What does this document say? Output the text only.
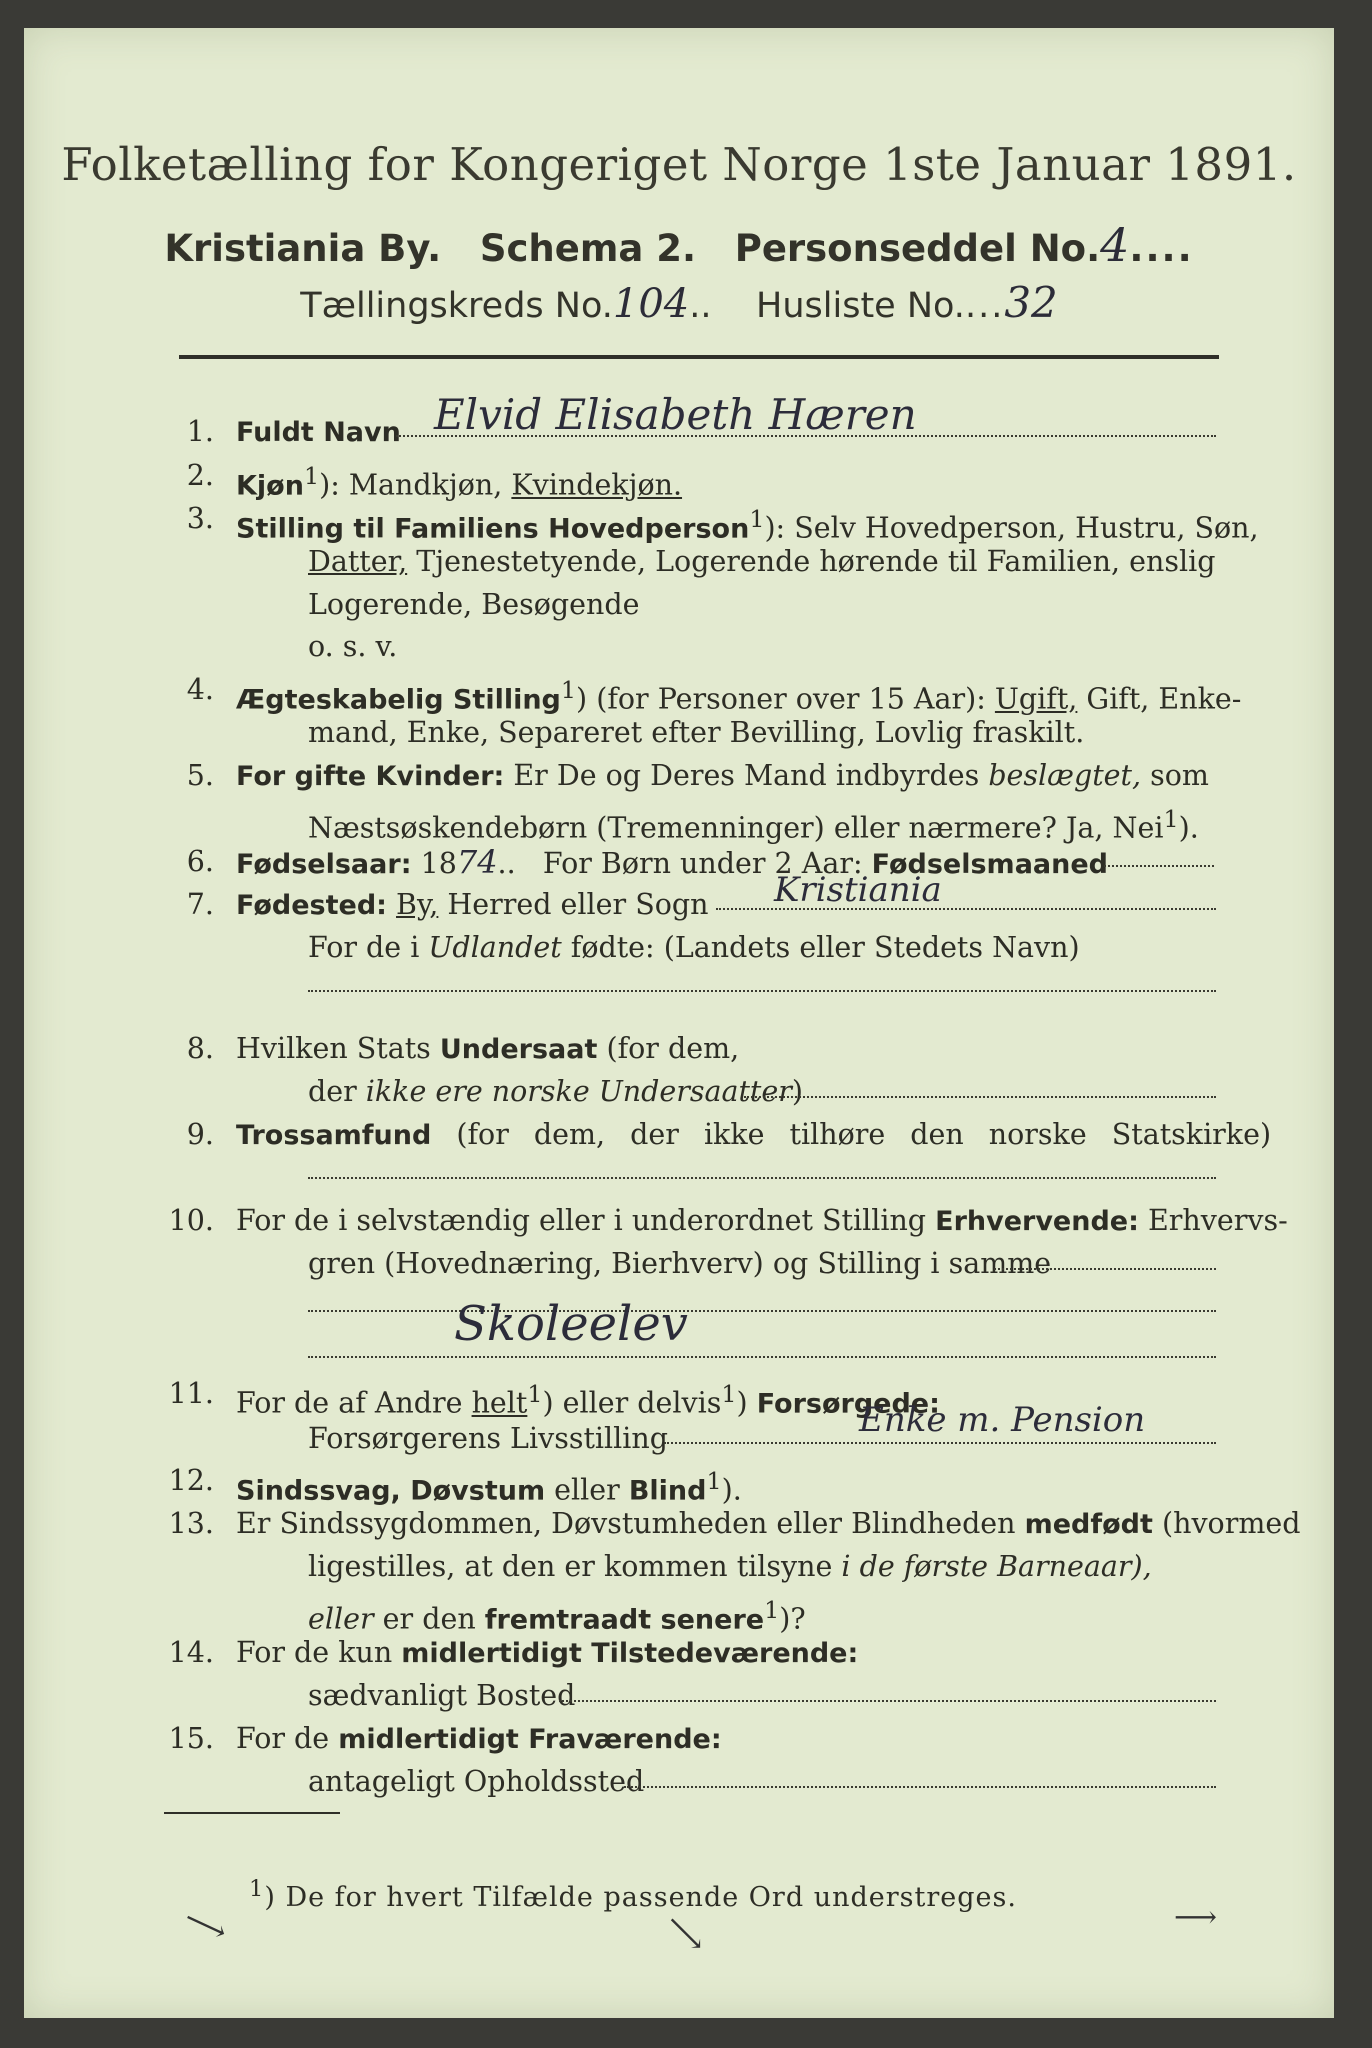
Folketælling for Kongeriget Norge 1ste Januar 1891.
Kristiania By. Schema 2. Personseddel No.4....
Tællingskreds No.104.. Husliste No....32
1. Fuldt Navn Elvid Elisabeth Hæren
2. Kjøn$^1$): Mandkjøn, Kvindekjøn.
3. Stilling til Familiens Hovedperson$^1$): Selv Hovedperson, Hustru, Søn,
Datter, Tjenestetyende, Logerende hørende til Familien, enslig
Logerende, Besøgende
o. s. v.
4. Ægteskabelig Stilling$^1$) (for Personer over 15 Aar): Ugift, Gift, Enke-
mand, Enke, Separeret efter Bevilling, Lovlig fraskilt.
5. For gifte Kvinder: Er De og Deres Mand indbyrdes beslægtet, som
Næstsøskendebørn (Tremenninger) eller nærmere? Ja, Nei$^1$).
6. Fødselsaar: 1874.. For Børn under 2 Aar: Fødselsmaaned
7. Fødested: By, Herred eller Sogn Kristiania
For de i Udlandet fødte: (Landets eller Stedets Navn)
8. Hvilken Stats Undersaat (for dem,
der ikke ere norske Undersaatter)
9. Trossamfund (for dem, der ikke tilhøre den norske Statskirke)
10. For de i selvstændig eller i underordnet Stilling Erhvervende: Erhvervs-
gren (Hovednæring, Bierhverv) og Stilling i samme
Skoleelev
11. For de af Andre helt$^1$) eller delvis$^1$) Forsørgede:
Forsørgerens Livsstilling	Enke m. Pension
12. Sindssvag, Døvstum eller Blind$^1$).
13. Er Sindssygdommen, Døvstumheden eller Blindheden medfødt (hvormed
ligestilles, at den er kommen tilsyne i de første Barneaar),
eller er den fremtraadt senere$^1$)?
14. For de kun midlertidigt Tilstedeværende:
sædvanligt Bosted
15. For de midlertidigt Fraværende:
antageligt Opholdssted
$^1$) De for hvert Tilfælde passende Ord understreges.
⟶	⟶	⟶
